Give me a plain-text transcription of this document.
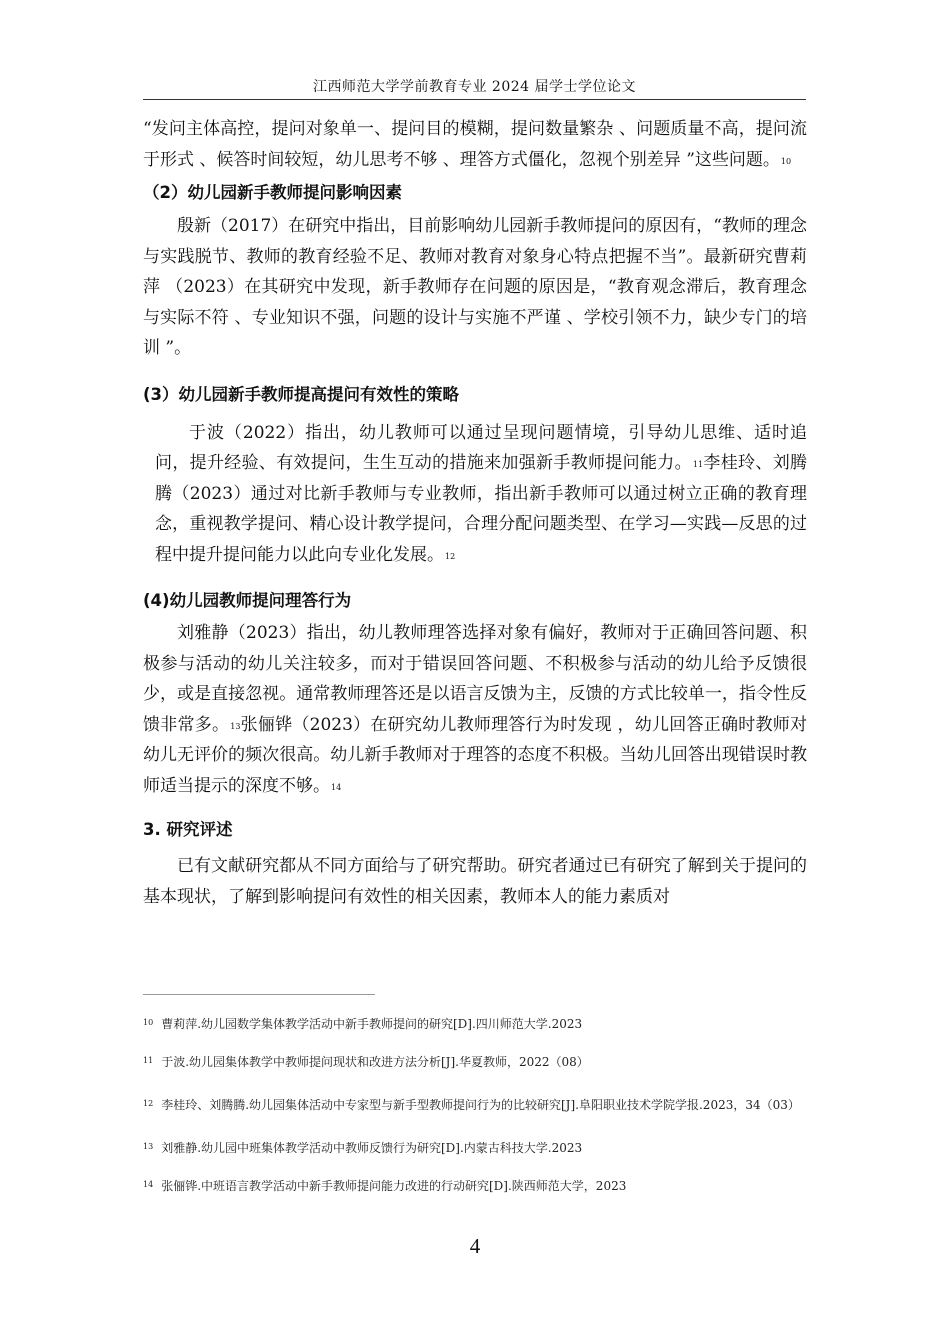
江西师范大学学前教育专业 2024 届学士学位论文

“发问主体高控，提问对象单一、提问目的模糊，提问数量繁杂 、问题质量不高，提问流于形式 、候答时间较短，幼儿思考不够 、理答方式僵化，忽视个别差异 ”这些问题。$^{10}$

（2）幼儿园新手教师提问影响因素

殷新（2017）在研究中指出，目前影响幼儿园新手教师提问的原因有，“教师的理念与实践脱节、教师的教育经验不足、教师对教育对象身心特点把握不当”。最新研究曹莉萍 （2023）在其研究中发现，新手教师存在问题的原因是，“教育观念滞后，教育理念与实际不符 、专业知识不强，问题的设计与实施不严谨 、学校引领不力，缺少专门的培训 ”。

(3）幼儿园新手教师提高提问有效性的策略

于波（2022）指出，幼儿教师可以通过呈现问题情境，引导幼儿思维、适时追问，提升经验、有效提问，生生互动的措施来加强新手教师提问能力。$^{11}$李桂玲、刘腾腾（2023）通过对比新手教师与专业教师，指出新手教师可以通过树立正确的教育理念，重视教学提问、精心设计教学提问，合理分配问题类型、在学习—实践—反思的过程中提升提问能力以此向专业化发展。$^{12}$

(4)幼儿园教师提问理答行为

刘雅静（2023）指出，幼儿教师理答选择对象有偏好，教师对于正确回答问题、积极参与活动的幼儿关注较多，而对于错误回答问题、不积极参与活动的幼儿给予反馈很少，或是直接忽视。通常教师理答还是以语言反馈为主，反馈的方式比较单一，指令性反馈非常多。$^{13}$张俪铧（2023）在研究幼儿教师理答行为时发现 ，幼儿回答正确时教师对幼儿无评价的频次很高。幼儿新手教师对于理答的态度不积极。当幼儿回答出现错误时教师适当提示的深度不够。$^{14}$

3. 研究评述

已有文献研究都从不同方面给与了研究帮助。研究者通过已有研究了解到关于提问的基本现状，了解到影响提问有效性的相关因素，教师本人的能力素质对

$^{10}$ 曹莉萍.幼儿园数学集体教学活动中新手教师提问的研究[D].四川师范大学.2023

$^{11}$ 于波.幼儿园集体教学中教师提问现状和改进方法分析[J].华夏教师，2022（08）

$^{12}$ 李桂玲、刘腾腾.幼儿园集体活动中专家型与新手型教师提问行为的比较研究[J].阜阳职业技术学院学报.2023，34（03）

$^{13}$ 刘雅静.幼儿园中班集体教学活动中教师反馈行为研究[D].内蒙古科技大学.2023

$^{14}$ 张俪铧.中班语言教学活动中新手教师提问能力改进的行动研究[D].陕西师范大学，2023

4
